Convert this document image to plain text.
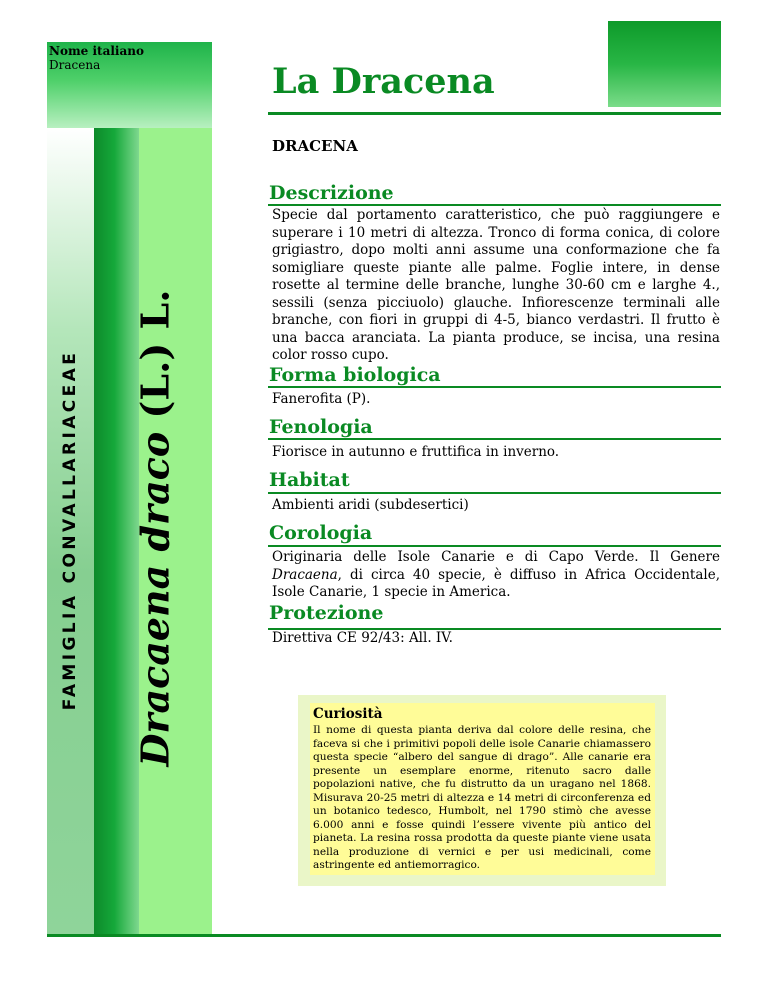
Nome italiano
Dracena
FAMIGLIA CONVALLARIACEAE Dracaena draco (L.) L.
La Dracena
DRACENA
Descrizione
Specie dal portamento caratteristico, che può raggiungere e superare i 10 metri di altezza. Tronco di forma conica, di colore grigiastro, dopo molti anni assume una conformazione che fa somigliare queste piante alle palme. Foglie intere, in dense rosette al termine delle branche, lunghe 30-60 cm e larghe 4., sessili (senza picciuolo) glauche. Infiorescenze terminali alle branche, con fiori in gruppi di 4-5, bianco verdastri. Il frutto è una bacca aranciata. La pianta produce, se incisa, una resina color rosso cupo.
Forma biologica
Fanerofita (P).
Fenologia
Fiorisce in autunno e fruttifica in inverno.
Habitat
Ambienti aridi (subdesertici)
Corologia
Originaria delle Isole Canarie e di Capo Verde. Il Genere Dracaena, di circa 40 specie, è diffuso in Africa Occidentale, Isole Canarie, 1 specie in America.
Protezione
Direttiva CE 92/43: All. IV.
Curiosità
Il nome di questa pianta deriva dal colore delle resina, che faceva si che i primitivi popoli delle isole Canarie chiamassero questa specie “albero del sangue di drago”. Alle canarie era presente un esemplare enorme, ritenuto sacro dalle popolazioni native, che fu distrutto da un uragano nel 1868. Misurava 20-25 metri di altezza e 14 metri di circonferenza ed un botanico tedesco, Humbolt, nel 1790 stimò che avesse 6.000 anni e fosse quindi l’essere vivente più antico del pianeta. La resina rossa prodotta da queste piante viene usata nella produzione di vernici e per usi medicinali, come astringente ed antiemorragico.
